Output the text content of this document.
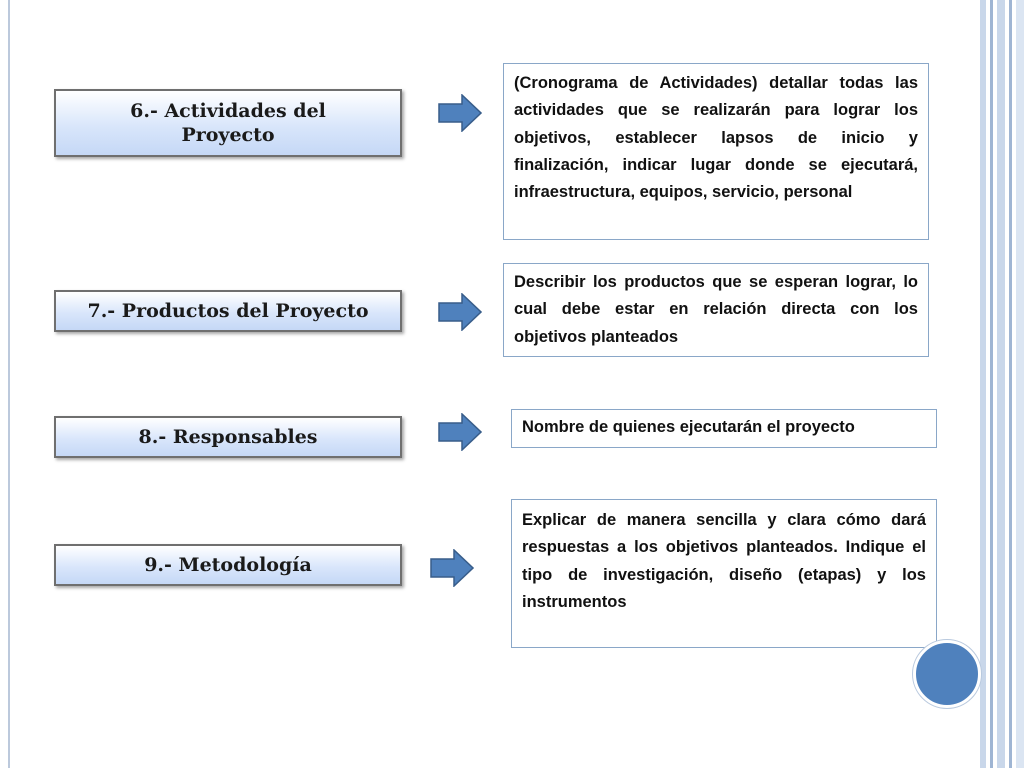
6.- Actividades del Proyecto
(Cronograma de Actividades) detallar todas las actividades que se realizarán para lograr los objetivos, establecer lapsos de inicio y finalización, indicar lugar donde se ejecutará, infraestructura, equipos, servicio, personal
7.- Productos del Proyecto
Describir los productos que se esperan lograr, lo cual debe estar en relación directa con los objetivos planteados
8.- Responsables	Nombre de quienes ejecutarán el proyecto
9.- Metodología
Explicar de manera sencilla y clara cómo dará respuestas a los objetivos planteados. Indique el tipo de investigación, diseño (etapas) y los instrumentos
